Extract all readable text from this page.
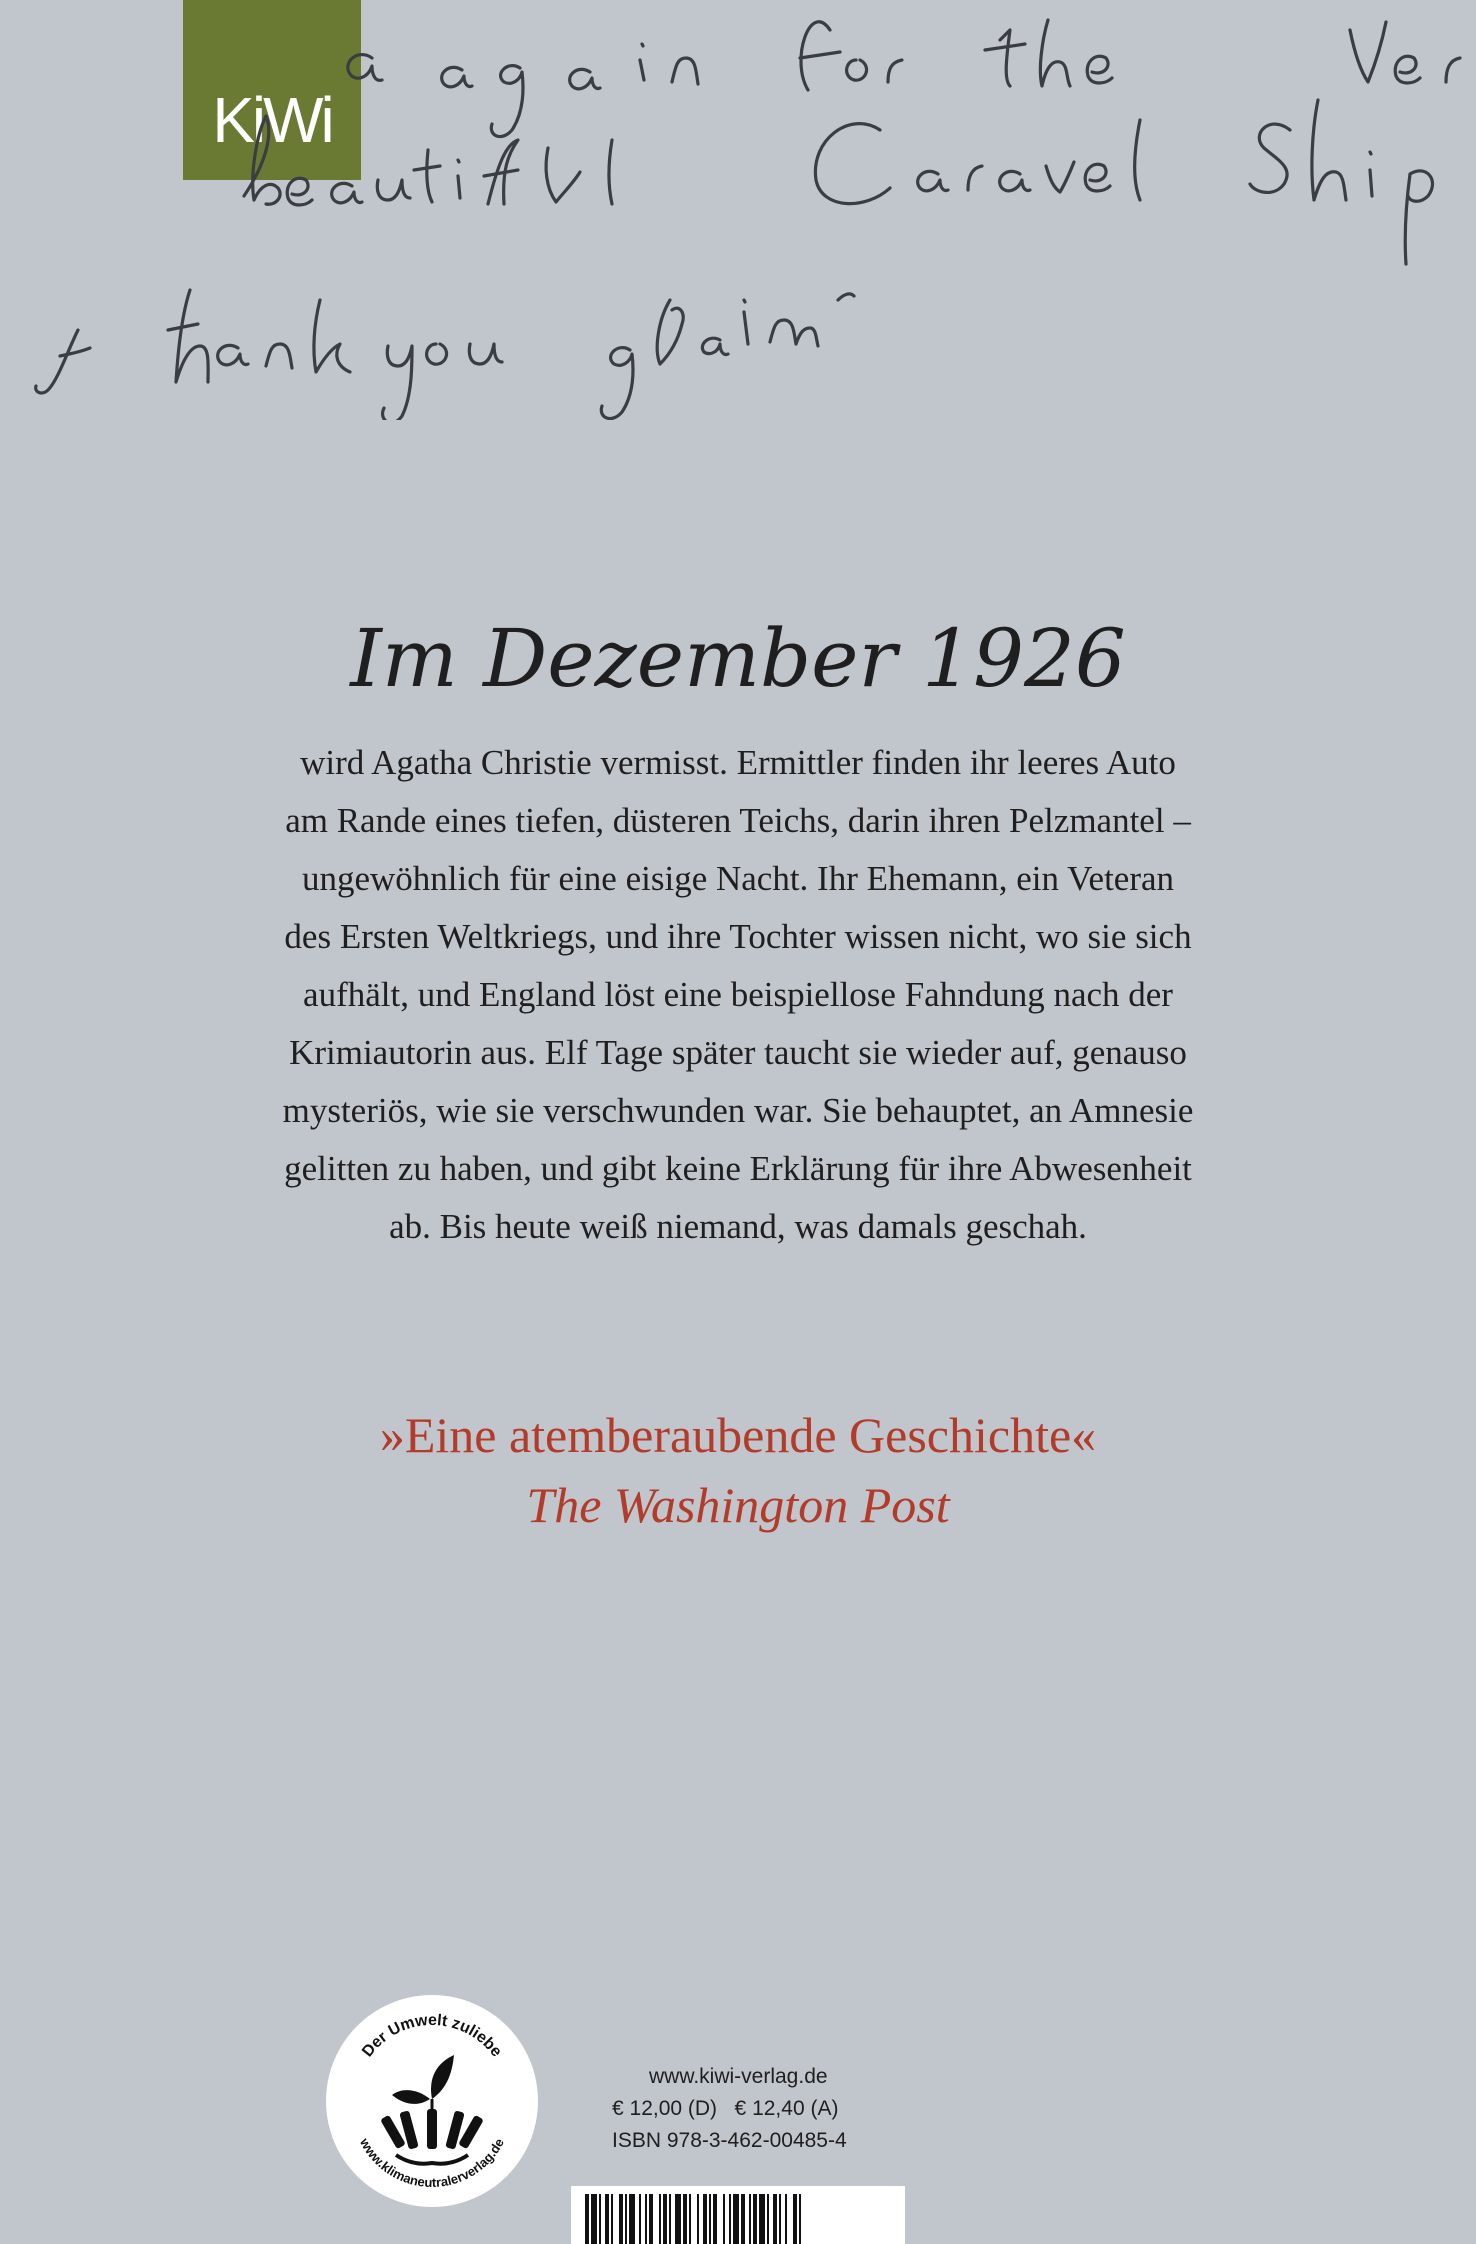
KiWi
Im Dezember 1926
wird Agatha Christie vermisst. Ermittler finden ihr leeres Auto
am Rande eines tiefen, düsteren Teichs, darin ihren Pelzmantel –
ungewöhnlich für eine eisige Nacht. Ihr Ehemann, ein Veteran
des Ersten Weltkriegs, und ihre Tochter wissen nicht, wo sie sich
aufhält, und England löst eine beispiellose Fahndung nach der
Krimiautorin aus. Elf Tage später taucht sie wieder auf, genauso
mysteriös, wie sie verschwunden war. Sie behauptet, an Amnesie
gelitten zu haben, und gibt keine Erklärung für ihre Abwesenheit
ab. Bis heute weiß niemand, was damals geschah.
»Eine atemberaubende Geschichte«
The Washington Post
Der Umwelt zuliebe
www.klimaneutralerverlag.de
www.kiwi-verlag.de
€ 12,00 (D)   € 12,40 (A)
ISBN 978-3-462-00485-4
